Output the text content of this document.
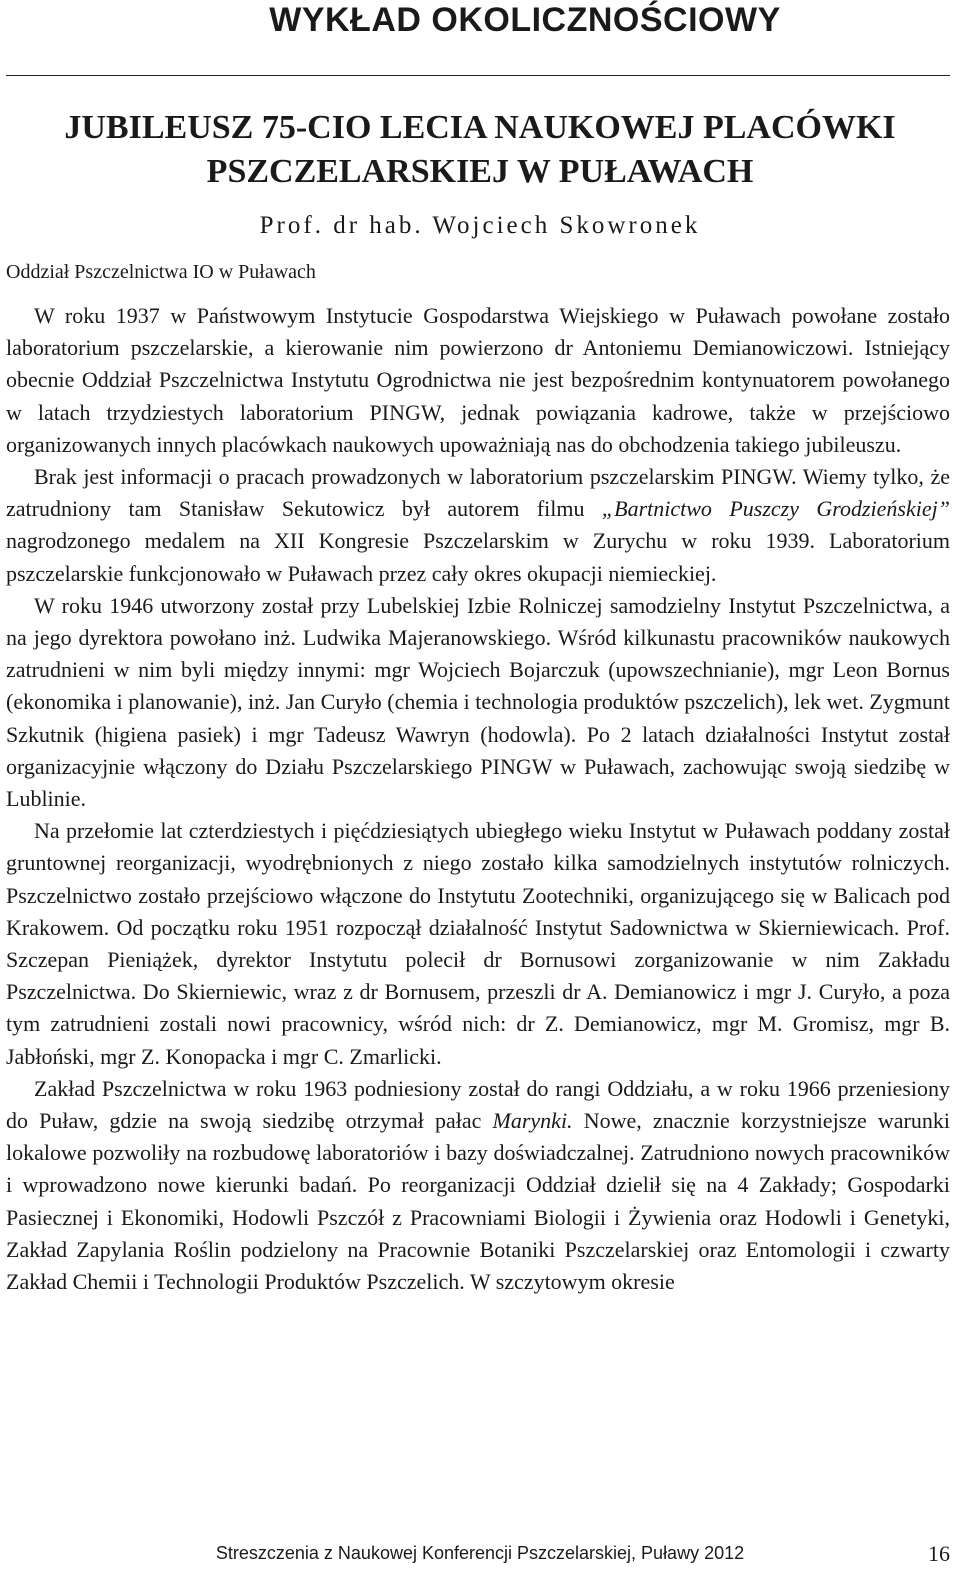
WYKŁAD OKOLICZNOŚCIOWY
JUBILEUSZ 75-CIO LECIA NAUKOWEJ PLACÓWKI
PSZCZELARSKIEJ W PUŁAWACH
Prof. dr hab. Wojciech Skowronek
Oddział Pszczelnictwa IO w Puławach

W roku 1937 w Państwowym Instytucie Gospodarstwa Wiejskiego w Puławach powołane zostało laboratorium pszczelarskie, a kierowanie nim powierzono dr Antoniemu Demianowiczowi. Istniejący obecnie Oddział Pszczelnictwa Instytutu Ogrodnictwa nie jest bezpośrednim kontynuatorem powołanego w latach trzydziestych laboratorium PINGW, jednak powiązania kadrowe, także w przejściowo organizowanych innych placówkach naukowych upoważniają nas do obchodzenia takiego jubileuszu.

Brak jest informacji o pracach prowadzonych w laboratorium pszczelarskim PINGW. Wiemy tylko, że zatrudniony tam Stanisław Sekutowicz był autorem filmu „Bartnictwo Puszczy Grodzieńskiej” nagrodzonego medalem na XII Kongresie Pszczelarskim w Zurychu w roku 1939. Laboratorium pszczelarskie funkcjonowało w Puławach przez cały okres okupacji niemieckiej.

W roku 1946 utworzony został przy Lubelskiej Izbie Rolniczej samodzielny Instytut Pszczelnictwa, a na jego dyrektora powołano inż. Ludwika Majeranowskiego. Wśród kilkunastu pracowników naukowych zatrudnieni w nim byli między innymi: mgr Wojciech Bojarczuk (upowszechnianie), mgr Leon Bornus (ekonomika i planowanie), inż. Jan Curyło (chemia i technologia produktów pszczelich), lek wet. Zygmunt Szkutnik (higiena pasiek) i mgr Tadeusz Wawryn (hodowla). Po 2 latach działalności Instytut został organizacyjnie włączony do Działu Pszczelarskiego PINGW w Puławach, zachowując swoją siedzibę w Lublinie.

Na przełomie lat czterdziestych i pięćdziesiątych ubiegłego wieku Instytut w Puławach poddany został gruntownej reorganizacji, wyodrębnionych z niego zostało kilka samodzielnych instytutów rolniczych. Pszczelnictwo zostało przejściowo włączone do Instytutu Zootechniki, organizującego się w Balicach pod Krakowem. Od początku roku 1951 rozpoczął działalność Instytut Sadownictwa w Skierniewicach. Prof. Szczepan Pieniążek, dyrektor Instytutu polecił dr Bornusowi zorganizowanie w nim Zakładu Pszczelnictwa. Do Skierniewic, wraz z dr Bornusem, przeszli dr A. Demianowicz i mgr J. Curyło, a poza tym zatrudnieni zostali nowi pracownicy, wśród nich: dr Z. Demianowicz, mgr M. Gromisz, mgr B. Jabłoński, mgr Z. Konopacka i mgr C. Zmarlicki.

Zakład Pszczelnictwa w roku 1963 podniesiony został do rangi Oddziału, a w roku 1966 przeniesiony do Puław, gdzie na swoją siedzibę otrzymał pałac Marynki. Nowe, znacznie korzystniejsze warunki lokalowe pozwoliły na rozbudowę laboratoriów i bazy doświadczalnej. Zatrudniono nowych pracowników i wprowadzono nowe kierunki badań. Po reorganizacji Oddział dzielił się na 4 Zakłady; Gospodarki Pasiecznej i Ekonomiki, Hodowli Pszczół z Pracowniami Biologii i Żywienia oraz Hodowli i Genetyki, Zakład Zapylania Roślin podzielony na Pracownie Botaniki Pszczelarskiej oraz Entomologii i czwarty Zakład Chemii i Technologii Produktów Pszczelich. W szczytowym okresie

Streszczenia z Naukowej Konferencji Pszczelarskiej, Puławy 2012	16
